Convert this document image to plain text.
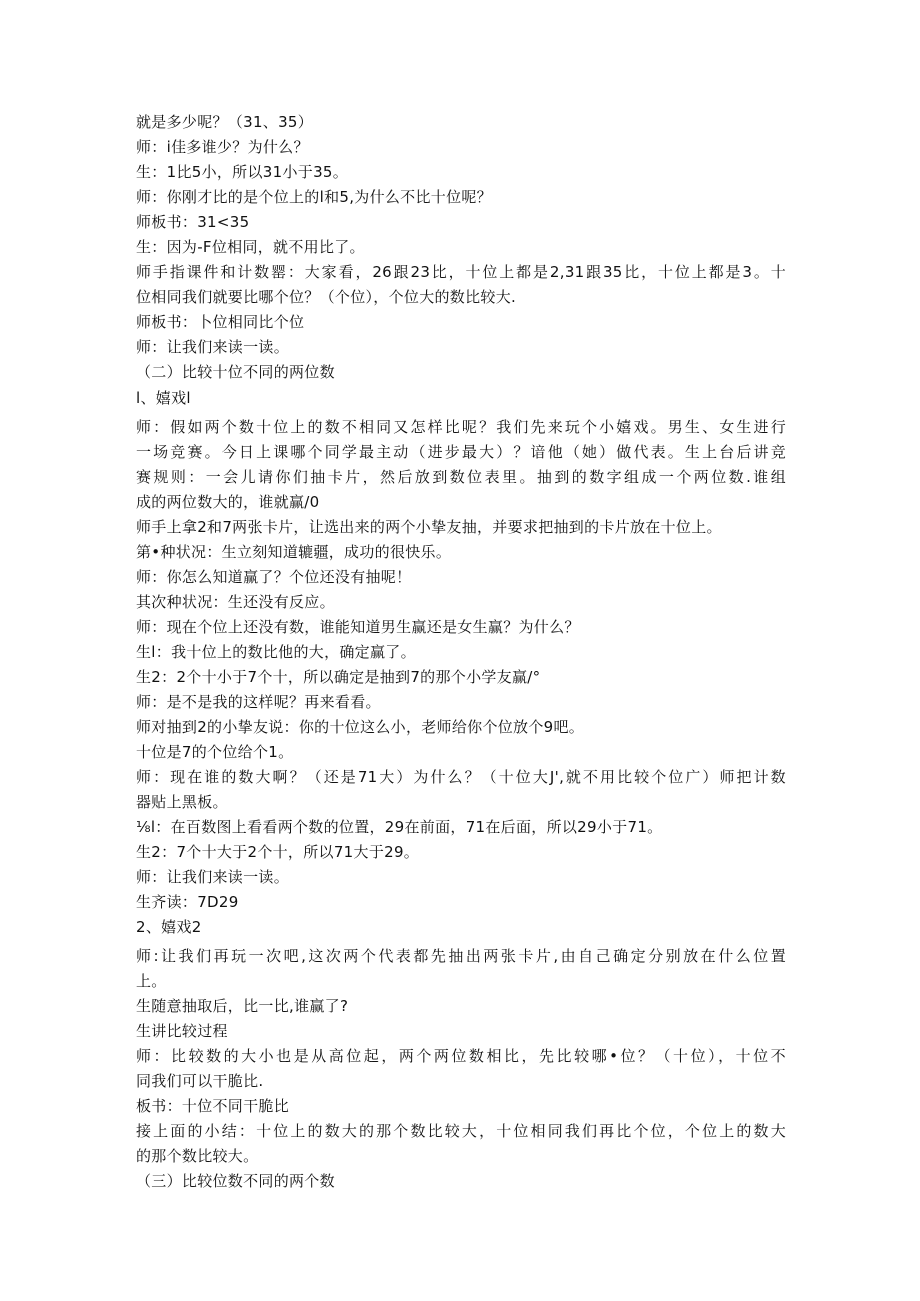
就是多少呢？（31、35）
师：i佳多谁少？为什么？
生：1比5小，所以31小于35。
师：你刚才比的是个位上的l和5,为什么不比十位呢？
师板书：31<35
生：因为-F位相同，就不用比了。
师手指课件和计数罂：大家看，26跟23比，十位上都是2,31跟35比，十位上都是3。十
位相同我们就要比哪个位？（个位），个位大的数比较大.
师板书：卜位相同比个位
师：让我们来读一读。
（二）比较十位不同的两位数
l、嬉戏l
师：假如两个数十位上的数不相同又怎样比呢？我们先来玩个小嬉戏。男生、女生进行
一场竞赛。今日上课哪个同学最主动（进步最大）？谙他（她）做代表。生上台后讲竞
赛规则：一会儿请你们抽卡片，然后放到数位表里。抽到的数字组成一个两位数.谁组
成的两位数大的，谁就赢/0
师手上拿2和7两张卡片，让选出来的两个小挚友抽，并要求把抽到的卡片放在十位上。
第•种状况：生立刻知道辘疆，成功的很快乐。
师：你怎么知道赢了？个位还没有抽呢！
其次种状况：生还没有反应。
师：现在个位上还没有数，谁能知道男生赢还是女生赢？为什么？
生l：我十位上的数比他的大，确定赢了。
生2：2个十小于7个十，所以确定是抽到7的那个小学友赢/°
师：是不是我的这样呢？再来看看。
师对抽到2的小挚友说：你的十位这么小，老师给你个位放个9吧。
十位是7的个位给个1。
师：现在谁的数大啊？（还是71大）为什么？（十位大J',就不用比较个位广）师把计数
器贴上黑板。
⅛l：在百数图上看看两个数的位置，29在前面，71在后面，所以29小于71。
生2：7个十大于2个十，所以71大于29。
师：让我们来读一读。
生齐读：7D29
2、嬉戏2
师:让我们再玩一次吧,这次两个代表都先抽出两张卡片,由自己确定分别放在什么位置
上。
生随意抽取后，比一比,谁赢了?
生讲比较过程
师：比较数的大小也是从高位起，两个两位数相比，先比较哪•位？（十位），十位不
同我们可以干脆比.
板书：十位不同干脆比
接上面的小结：十位上的数大的那个数比较大，十位相同我们再比个位，个位上的数大
的那个数比较大。
（三）比较位数不同的两个数
